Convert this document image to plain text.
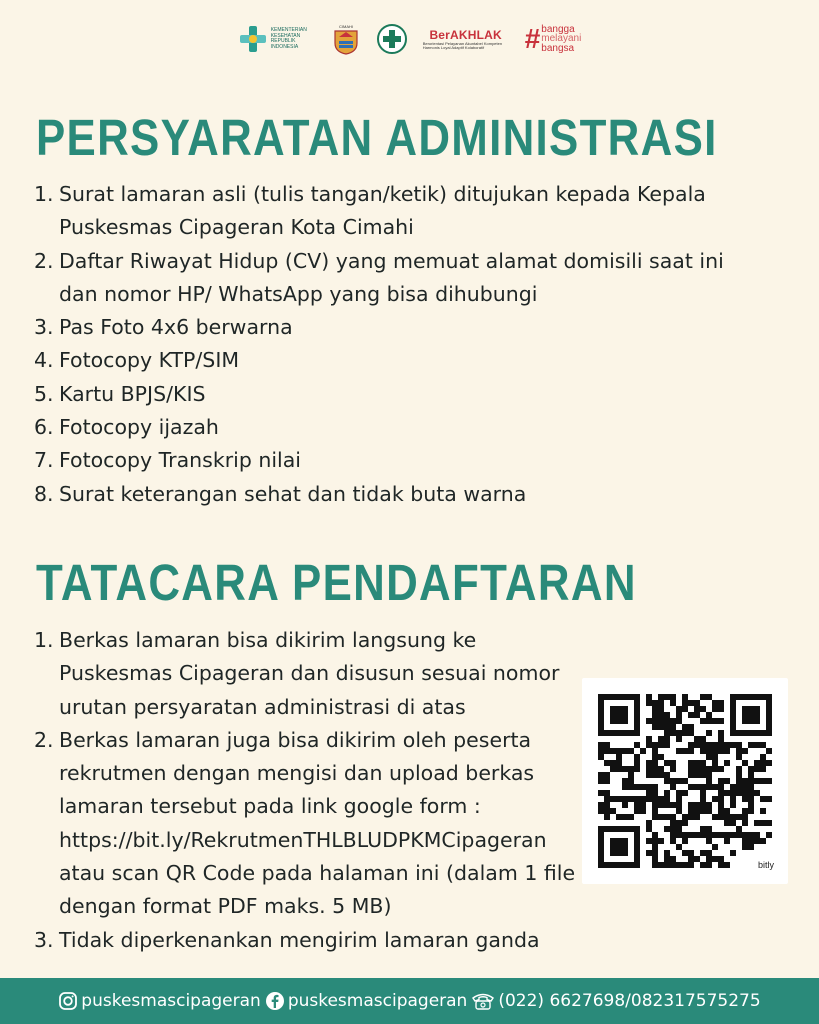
KEMENTERIAN KESEHATAN REPUBLIK INDONESIA
CIMAHI
BerAKHLAK
Berorientasi Pelayanan Akuntabel Kompeten Harmonis Loyal Adaptif Kolaboratif	# bangga
melayani
bangsa
PERSYARATAN ADMINISTRASI
1. Surat lamaran asli (tulis tangan/ketik) ditujukan kepada Kepala Puskesmas Cipageran Kota Cimahi
2. Daftar Riwayat Hidup (CV) yang memuat alamat domisili saat ini dan nomor HP/ WhatsApp yang bisa dihubungi
3. Pas Foto 4x6 berwarna
4. Fotocopy KTP/SIM
5. Kartu BPJS/KIS
6. Fotocopy ijazah
7. Fotocopy Transkrip nilai
8. Surat keterangan sehat dan tidak buta warna
TATACARA PENDAFTARAN
1. Berkas lamaran bisa dikirim langsung ke Puskesmas Cipageran dan disusun sesuai nomor urutan persyaratan administrasi di atas
2. Berkas lamaran juga bisa dikirim oleh peserta rekrutmen dengan mengisi dan upload berkas lamaran tersebut pada link google form : https://bit.ly/RekrutmenTHLBLUDPKMCipageran atau scan QR Code pada halaman ini (dalam 1 file dengan format PDF maks. 5 MB)
3. Tidak diperkenankan mengirim lamaran ganda
bitly
puskesmascipageran puskesmascipageran (022) 6627698/082317575275
